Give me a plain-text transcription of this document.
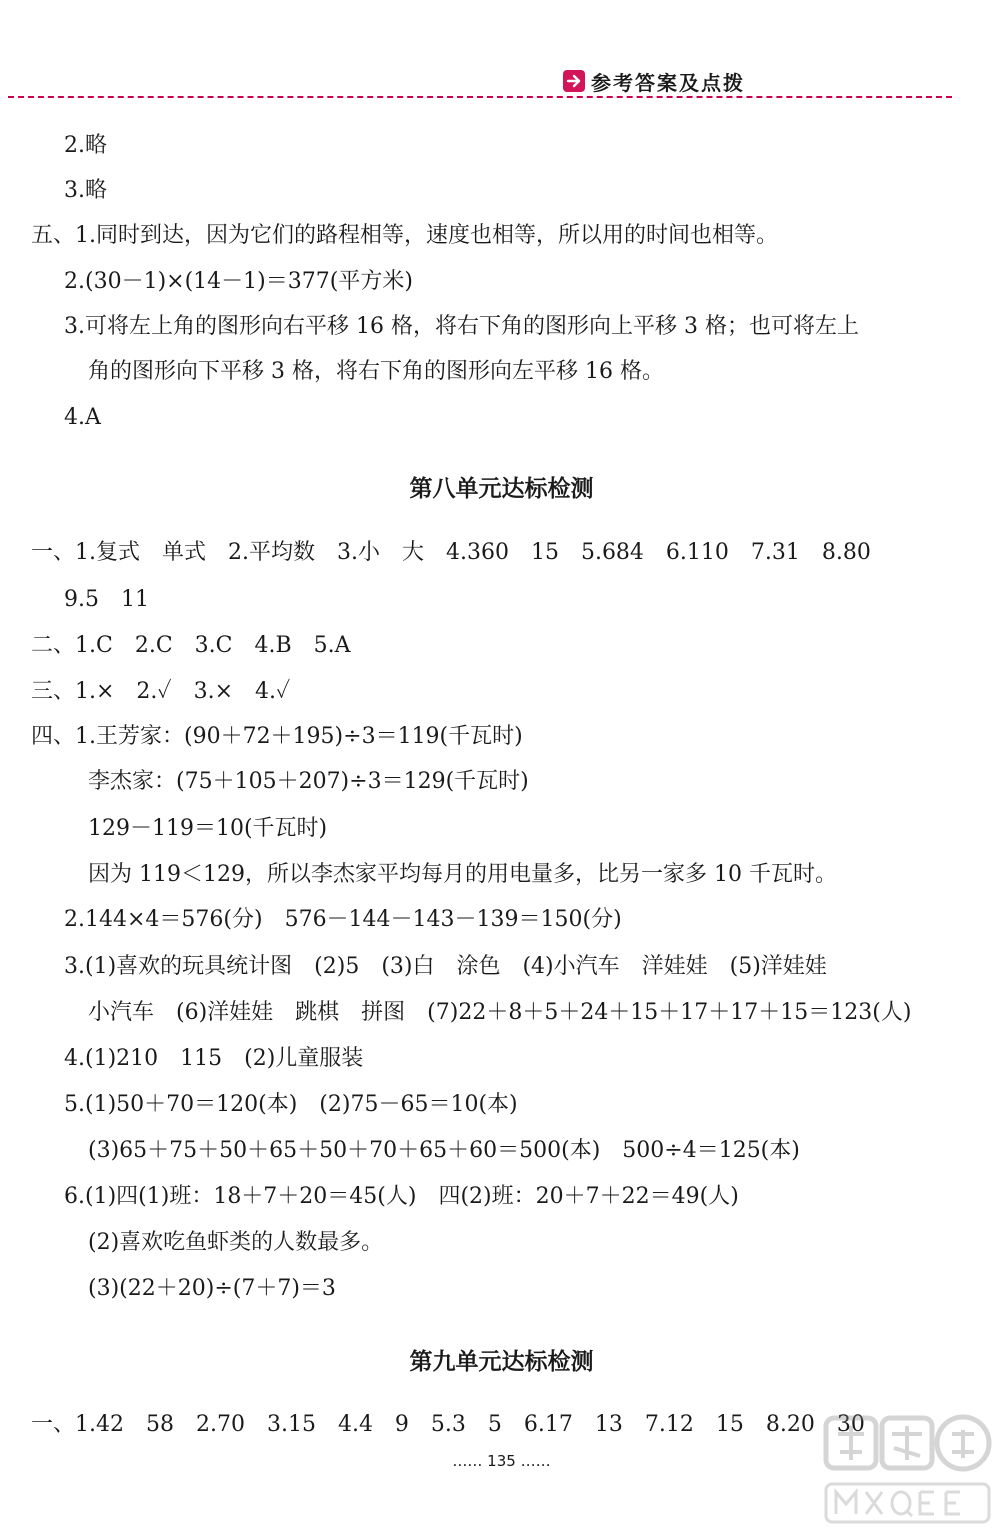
参考答案及点拨
2.略
3.略
五、1.同时到达，因为它们的路程相等，速度也相等，所以用的时间也相等。
2.(30－1)×(14－1)＝377(平方米)
3.可将左上角的图形向右平移 16 格，将右下角的图形向上平移 3 格；也可将左上
角的图形向下平移 3 格，将右下角的图形向左平移 16 格。
4.A
第八单元达标检测
一、1.复式　单式　2.平均数　3.小　大　4.360　15　5.684　6.110　7.31　8.80
9.5　11
二、1.C　2.C　3.C　4.B　5.A
三、1.×　2.✓　3.×　4.✓
四、1.王芳家：(90＋72＋195)÷3＝119(千瓦时)
李杰家：(75＋105＋207)÷3＝129(千瓦时)
129－119＝10(千瓦时)
因为 119＜129，所以李杰家平均每月的用电量多，比另一家多 10 千瓦时。
2.144×4＝576(分)　576－144－143－139＝150(分)
3.(1)喜欢的玩具统计图　(2)5　(3)白　涂色　(4)小汽车　洋娃娃　(5)洋娃娃
小汽车　(6)洋娃娃　跳棋　拼图　(7)22＋8＋5＋24＋15＋17＋17＋15＝123(人)
4.(1)210　115　(2)儿童服装
5.(1)50＋70＝120(本)　(2)75－65＝10(本)
(3)65＋75＋50＋65＋50＋70＋65＋60＝500(本)　500÷4＝125(本)
6.(1)四(1)班：18＋7＋20＝45(人)　四(2)班：20＋7＋22＝49(人)
(2)喜欢吃鱼虾类的人数最多。
(3)(22＋20)÷(7＋7)＝3
第九单元达标检测
一、1.42　58　2.70　3.15　4.4　9　5.3　5　6.17　13　7.12　15　8.20　30
…… 135 ……
